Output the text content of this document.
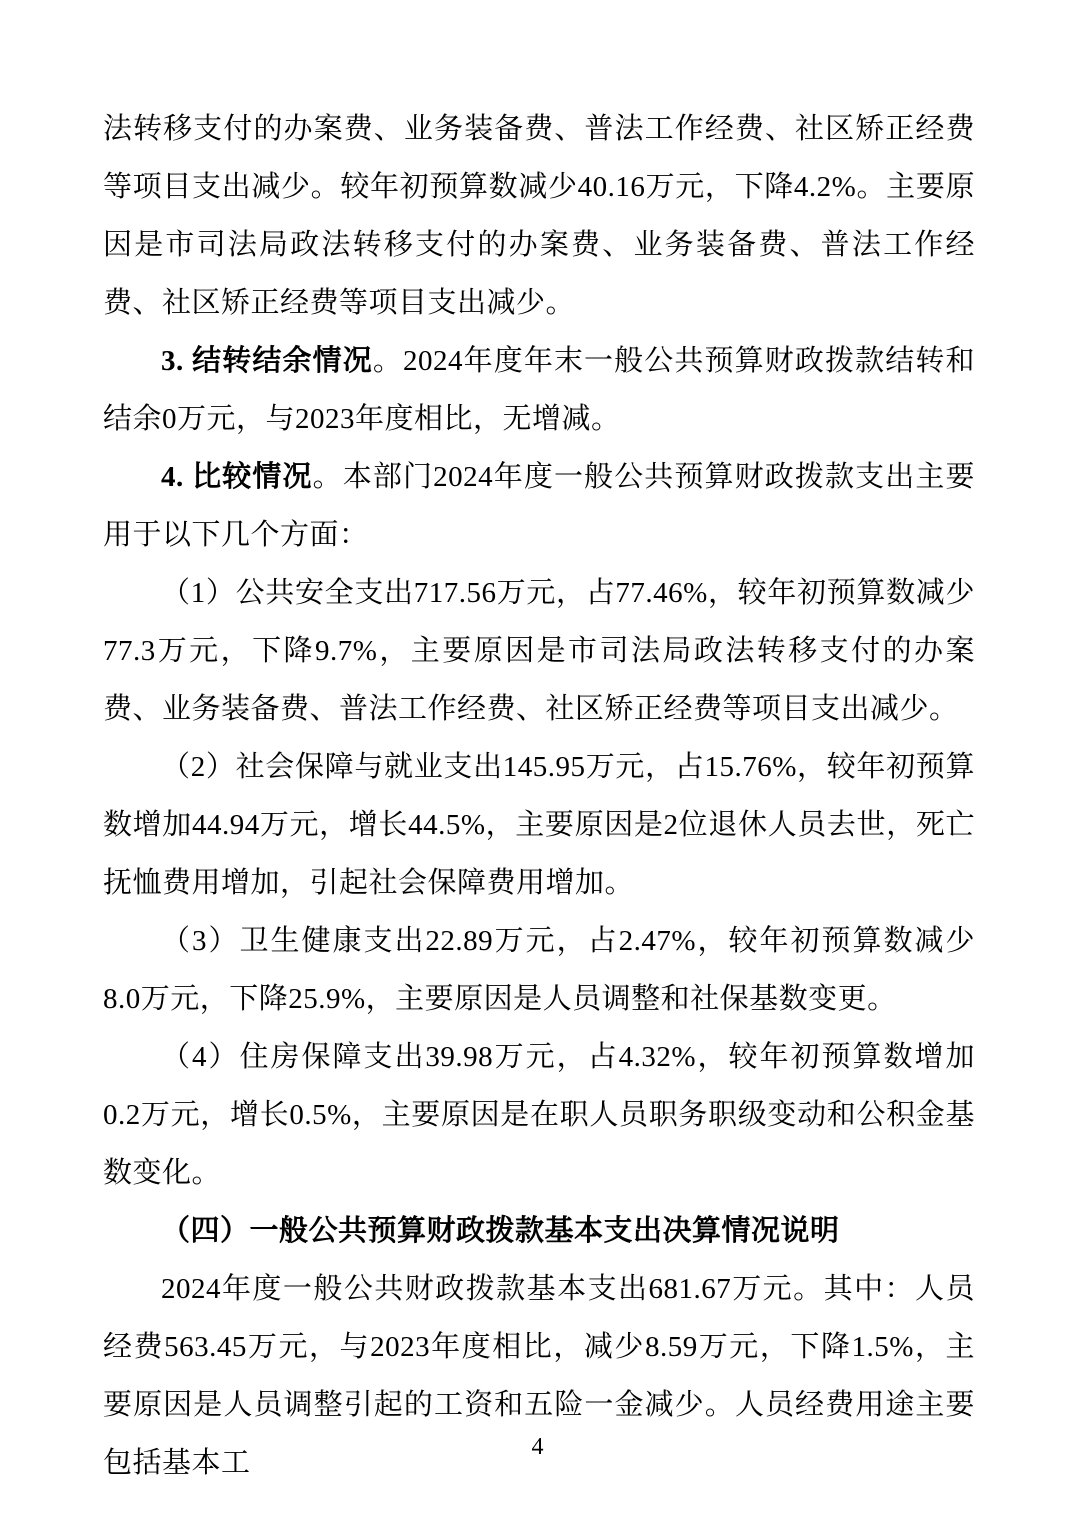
法转移支付的办案费、业务装备费、普法工作经费、社区矫正经费等项目支出减少。较年初预算数减少40.16万元，下降4.2%。主要原因是市司法局政法转移支付的办案费、业务装备费、普法工作经费、社区矫正经费等项目支出减少。

3. 结转结余情况。2024年度年末一般公共预算财政拨款结转和结余0万元，与2023年度相比，无增减。

4. 比较情况。本部门2024年度一般公共预算财政拨款支出主要用于以下几个方面：

（1）公共安全支出717.56万元，占77.46%，较年初预算数减少77.3万元，下降9.7%，主要原因是市司法局政法转移支付的办案费、业务装备费、普法工作经费、社区矫正经费等项目支出减少。

（2）社会保障与就业支出145.95万元，占15.76%，较年初预算数增加44.94万元，增长44.5%，主要原因是2位退休人员去世，死亡抚恤费用增加，引起社会保障费用增加。

（3）卫生健康支出22.89万元，占2.47%，较年初预算数减少8.0万元，下降25.9%，主要原因是人员调整和社保基数变更。

（4）住房保障支出39.98万元，占4.32%，较年初预算数增加0.2万元，增长0.5%，主要原因是在职人员职务职级变动和公积金基数变化。

（四）一般公共预算财政拨款基本支出决算情况说明

2024年度一般公共财政拨款基本支出681.67万元。其中：人员经费563.45万元，与2023年度相比，减少8.59万元，下降1.5%，主要原因是人员调整引起的工资和五险一金减少。人员经费用途主要包括基本工	4
